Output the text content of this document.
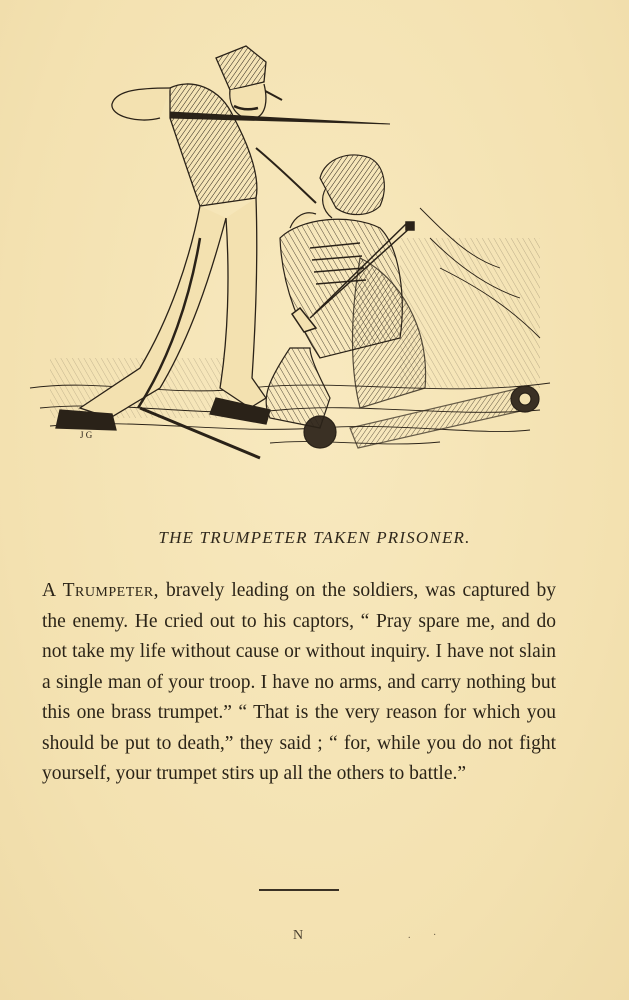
J G
THE TRUMPETER TAKEN PRISONER.

A Trumpeter, bravely leading on the soldiers, was captured by the enemy. He cried out to his captors, “ Pray spare me, and do not take my life without cause or without inquiry. I have not slain a single man of your troop. I have no arms, and carry nothing but this one brass trumpet.” “ That is the very reason for which you should be put to death,” they said ; “ for, while you do not fight yourself, your trumpet stirs up all the others to battle.”

N	. ·
